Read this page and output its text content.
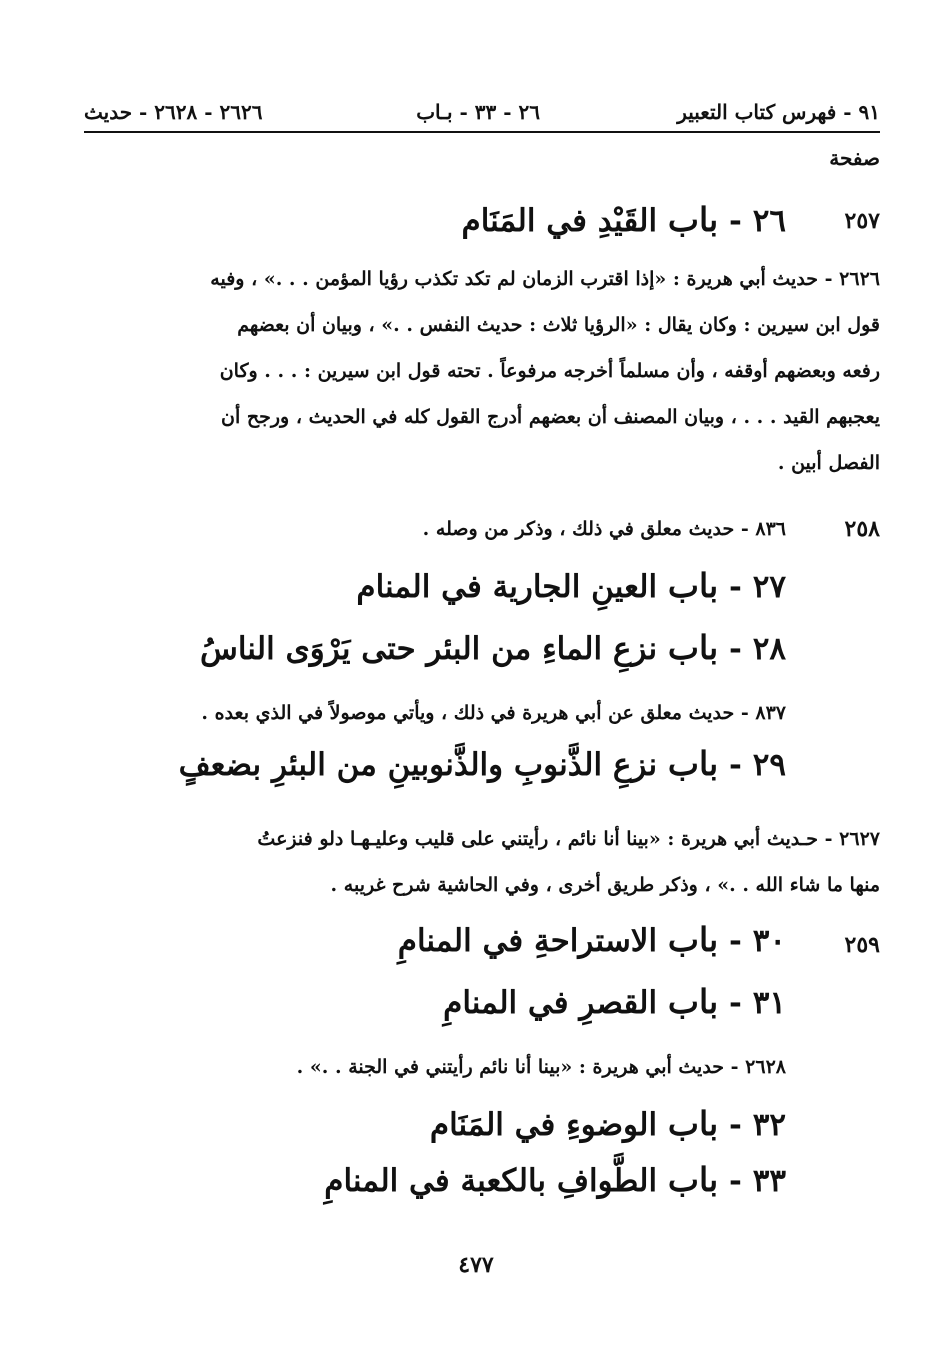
٩١ - فهرس كتاب التعبير
٢٦ - ٣٣ - بـاب
٢٦٢٦ - ٢٦٢٨ - حديث
صفحة
٢٥٧
٢٦ - باب القَيْدِ في المَنَام

٢٦٢٦ - حديث أبي هريرة : «إذا اقترب الزمان لم تكد تكذب رؤيا المؤمن . . .» ، وفيه

قول ابن سيرين : وكان يقال : «الرؤيا ثلاث : حديث النفس . .» ، وبيان أن بعضهم

رفعه وبعضهم أوقفه ، وأن مسلماً أخرجه مرفوعاً . تحته قول ابن سيرين : . . . وكان

يعجبهم القيد . . . ، وبيان المصنف أن بعضهم أدرج القول كله في الحديث ، ورجح أن

الفصل أبين .

٢٥٨
٨٣٦ - حديث معلق في ذلك ، وذكر من وصله .
٢٧ - باب العينِ الجارية في المنام
٢٨ - باب نزعِ الماءِ من البئر حتى يَرْوَى الناسُ
٨٣٧ - حديث معلق عن أبي هريرة في ذلك ، ويأتي موصولاً في الذي بعده .
٢٩ - باب نزعِ الذَّنوبِ والذَّنوبينِ من البئرِ بضعفٍ

٢٦٢٧ - حـديث أبي هريرة : «بينا أنا نائم ، رأيتني على قليب وعليـهـا دلو فنزعتُ

منها ما شاء الله . .» ، وذكر طريق أخرى ، وفي الحاشية شرح غريبه .

٢٥٩
٣٠ - باب الاستراحةِ في المنامِ
٣١ - باب القصرِ في المنامِ
٢٦٢٨ - حديث أبي هريرة : «بينا أنا نائم رأيتني في الجنة . .» .
٣٢ - باب الوضوءِ في المَنَام
٣٣ - باب الطَّوافِ بالكعبة في المنامِ
٤٧٧
